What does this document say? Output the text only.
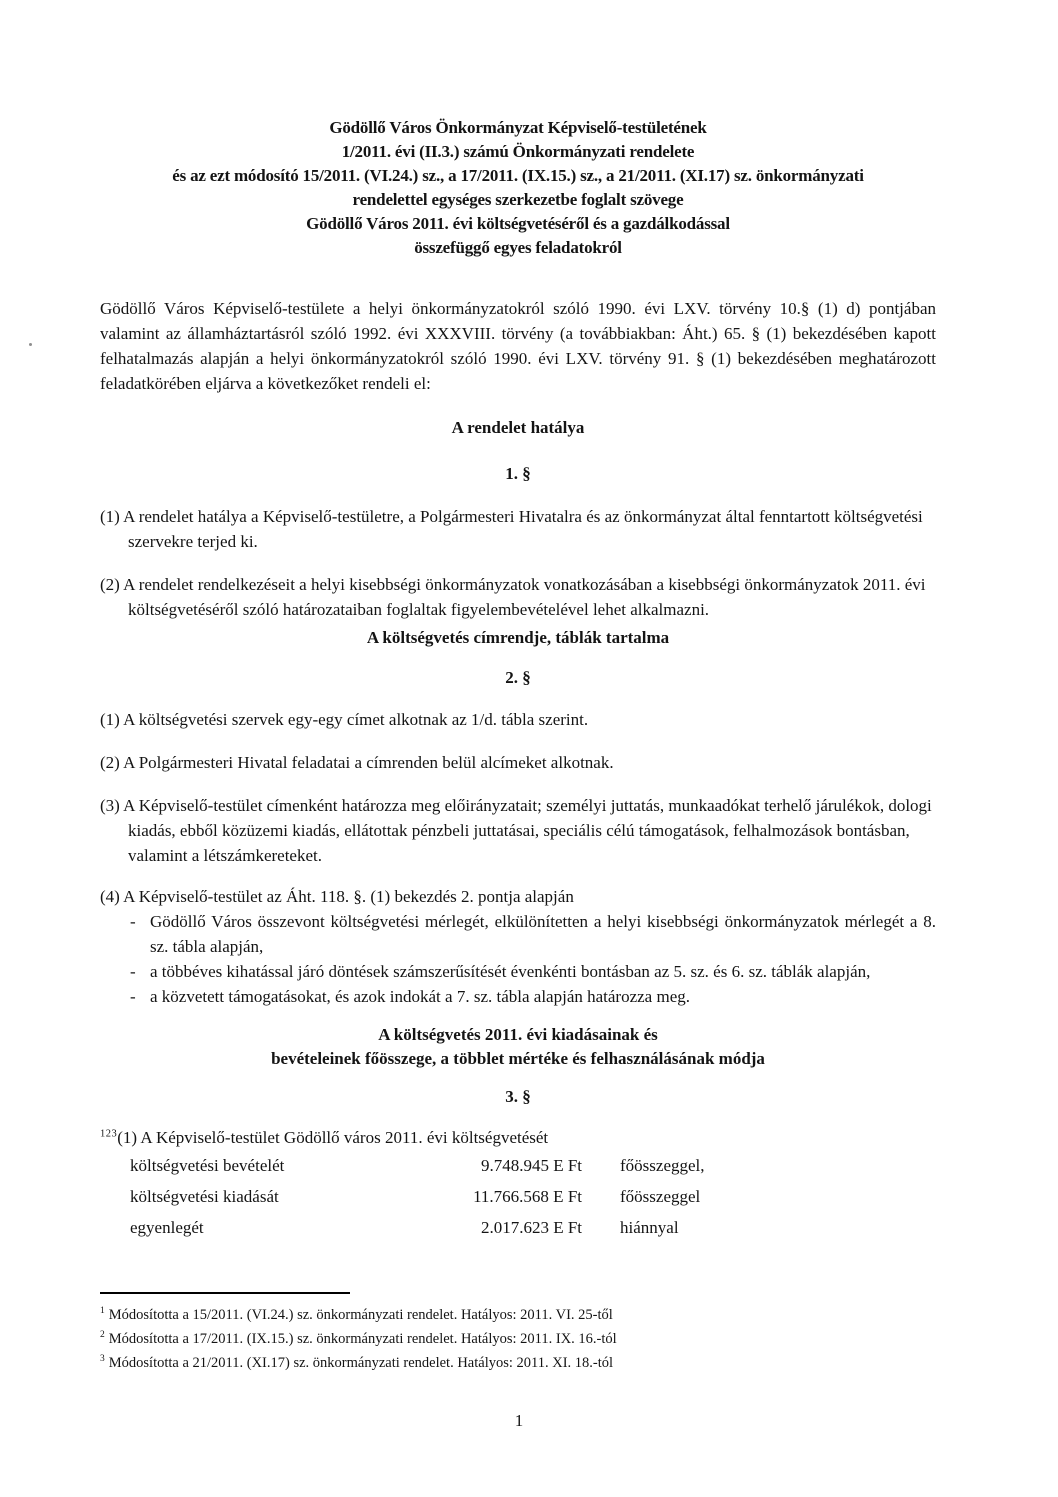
Gödöllő Város Önkormányzat Képviselő-testületének
1/2011. évi (II.3.) számú Önkormányzati rendelete
és az ezt módosító 15/2011. (VI.24.) sz., a 17/2011. (IX.15.) sz., a 21/2011. (XI.17) sz. önkormányzati
rendelettel egységes szerkezetbe foglalt szövege
Gödöllő Város 2011. évi költségvetéséről és a gazdálkodással
összefüggő egyes feladatokról

Gödöllő Város Képviselő-testülete a helyi önkormányzatokról szóló 1990. évi LXV. törvény 10.§ (1) d) pontjában valamint az államháztartásról szóló 1992. évi XXXVIII. törvény (a továbbiakban: Áht.) 65. § (1) bekezdésében kapott felhatalmazás alapján a helyi önkormányzatokról szóló 1990. évi LXV. törvény 91. § (1) bekezdésében meghatározott feladatkörében eljárva a következőket rendeli el:

A rendelet hatálya
1. §

(1) A rendelet hatálya a Képviselő-testületre, a Polgármesteri Hivatalra és az önkormányzat által fenntartott költségvetési szervekre terjed ki.

(2) A rendelet rendelkezéseit a helyi kisebbségi önkormányzatok vonatkozásában a kisebbségi önkormányzatok 2011. évi költségvetéséről szóló határozataiban foglaltak figyelembevételével lehet alkalmazni.

A költségvetés címrendje, táblák tartalma
2. §

(1) A költségvetési szervek egy-egy címet alkotnak az 1/d. tábla szerint.

(2) A Polgármesteri Hivatal feladatai a címrenden belül alcímeket alkotnak.

(3) A Képviselő-testület címenként határozza meg előirányzatait; személyi juttatás, munkaadókat terhelő járulékok, dologi kiadás, ebből közüzemi kiadás, ellátottak pénzbeli juttatásai, speciális célú támogatások, felhalmozások bontásban, valamint a létszámkereteket.

(4) A Képviselő-testület az Áht. 118. §. (1) bekezdés 2. pontja alapján

- Gödöllő Város összevont költségvetési mérlegét, elkülönítetten a helyi kisebbségi önkormányzatok mérlegét a 8. sz. tábla alapján,
- a többéves kihatással járó döntések számszerűsítését évenkénti bontásban az 5. sz. és 6. sz. táblák alapján,
- a közvetett támogatásokat, és azok indokát a 7. sz. tábla alapján határozza meg.
A költségvetés 2011. évi kiadásainak és
bevételeinek főösszege, a többlet mértéke és felhasználásának módja
3. §

$^{123}$(1) A Képviselő-testület Gödöllő város 2011. évi költségvetését

költségvetési bevételét	9.748.945 E Ft	főösszeggel,
költségvetési kiadását	11.766.568 E Ft	főösszeggel
egyenlegét	2.017.623 E Ft	hiánnyal
$^1$ Módosította a 15/2011. (VI.24.) sz. önkormányzati rendelet. Hatályos: 2011. VI. 25-től
$^2$ Módosította a 17/2011. (IX.15.) sz. önkormányzati rendelet. Hatályos: 2011. IX. 16.-tól
$^3$ Módosította a 21/2011. (XI.17) sz. önkormányzati rendelet. Hatályos: 2011. XI. 18.-tól
1
